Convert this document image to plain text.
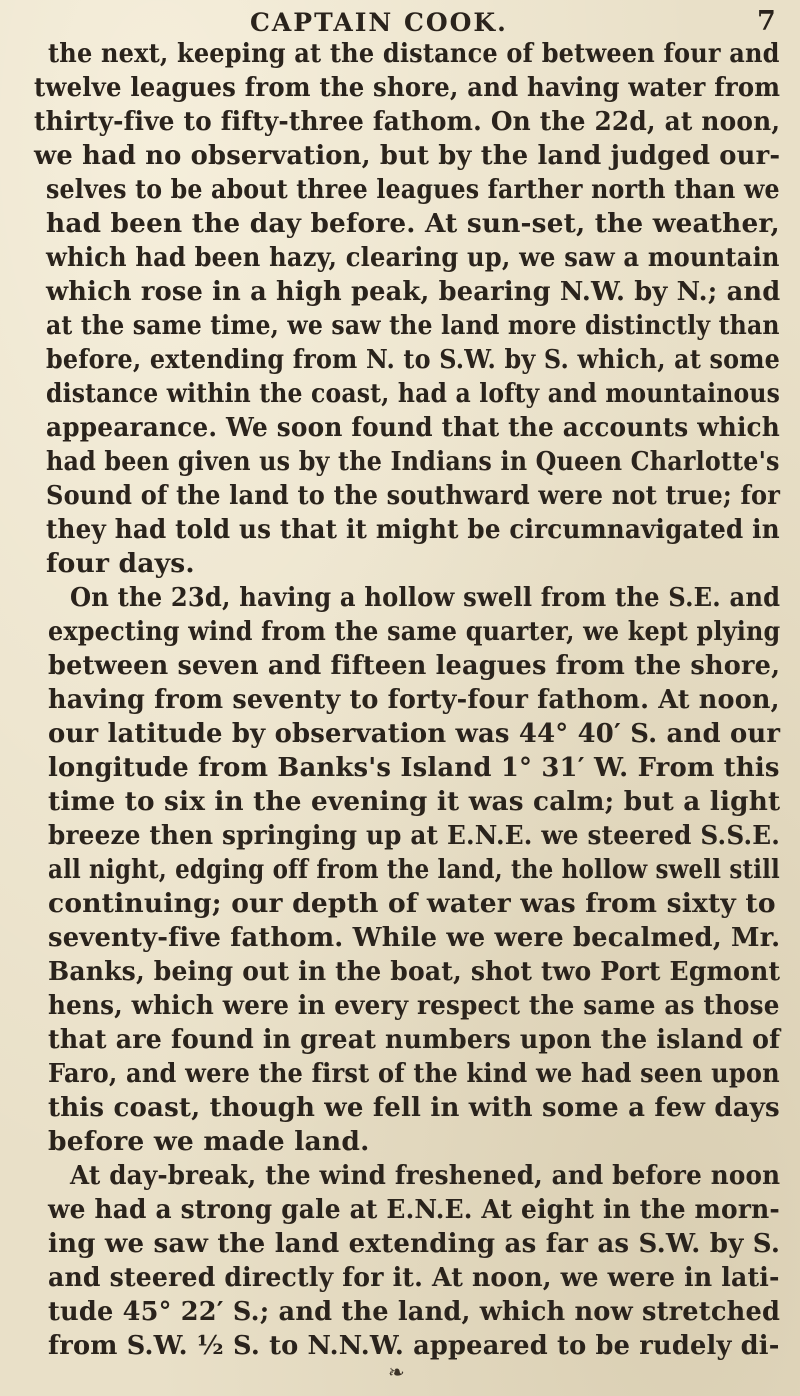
CAPTAIN COOK.	7
the next, keeping at the distance of between four and
twelve leagues from the shore, and having water from
thirty-five to fifty-three fathom. On the 22d, at noon,
we had no observation, but by the land judged our-
selves to be about three leagues farther north than we
had been the day before. At sun-set, the weather,
which had been hazy, clearing up, we saw a mountain
which rose in a high peak, bearing N.W. by N.; and
at the same time, we saw the land more distinctly than
before, extending from N. to S.W. by S. which, at some
distance within the coast, had a lofty and mountainous
appearance. We soon found that the accounts which
had been given us by the Indians in Queen Charlotte's
Sound of the land to the southward were not true; for
they had told us that it might be circumnavigated in
four days.
On the 23d, having a hollow swell from the S.E. and
expecting wind from the same quarter, we kept plying
between seven and fifteen leagues from the shore,
having from seventy to forty-four fathom. At noon,
our latitude by observation was 44° 40′ S. and our
longitude from Banks's Island 1° 31′ W. From this
time to six in the evening it was calm; but a light
breeze then springing up at E.N.E. we steered S.S.E.
all night, edging off from the land, the hollow swell still
continuing; our depth of water was from sixty to
seventy-five fathom. While we were becalmed, Mr.
Banks, being out in the boat, shot two Port Egmont
hens, which were in every respect the same as those
that are found in great numbers upon the island of
Faro, and were the first of the kind we had seen upon
this coast, though we fell in with some a few days
before we made land.
At day-break, the wind freshened, and before noon
we had a strong gale at E.N.E. At eight in the morn-
ing we saw the land extending as far as S.W. by S.
and steered directly for it. At noon, we were in lati-
tude 45° 22′ S.; and the land, which now stretched
from S.W. ½ S. to N.N.W. appeared to be rudely di-
❧
